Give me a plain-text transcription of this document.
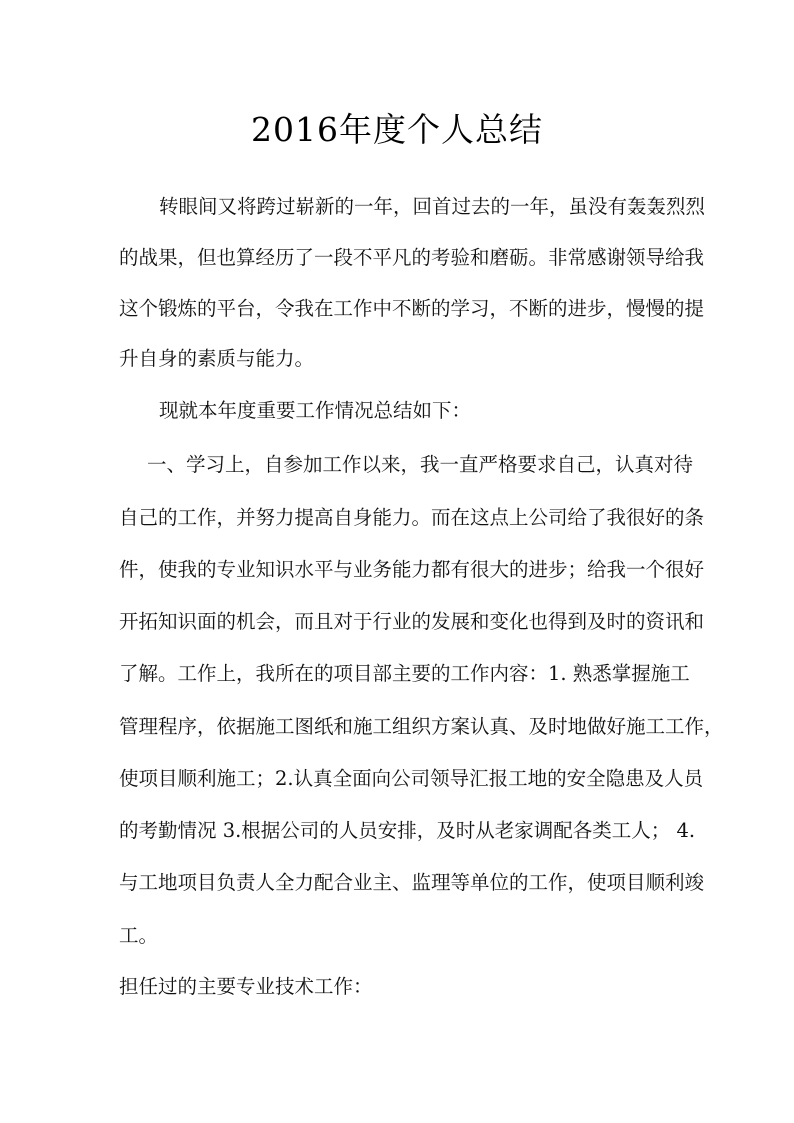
2016年度个人总结
转眼间又将跨过崭新的一年，回首过去的一年，虽没有轰轰烈烈
的战果，但也算经历了一段不平凡的考验和磨砺。非常感谢领导给我
这个锻炼的平台，令我在工作中不断的学习，不断的进步，慢慢的提
升自身的素质与能力。
现就本年度重要工作情况总结如下：
一、学习上，自参加工作以来，我一直严格要求自己，认真对待
自己的工作，并努力提高自身能力。而在这点上公司给了我很好的条
件，使我的专业知识水平与业务能力都有很大的进步；给我一个很好
开拓知识面的机会，而且对于行业的发展和变化也得到及时的资讯和
了解。工作上，我所在的项目部主要的工作内容：1. 熟悉掌握施工
管理程序，依据施工图纸和施工组织方案认真、及时地做好施工工作，
使项目顺利施工；2.认真全面向公司领导汇报工地的安全隐患及人员
的考勤情况 3.根据公司的人员安排，及时从老家调配各类工人； 4.
与工地项目负责人全力配合业主、监理等单位的工作，使项目顺利竣
工。
担任过的主要专业技术工作：
